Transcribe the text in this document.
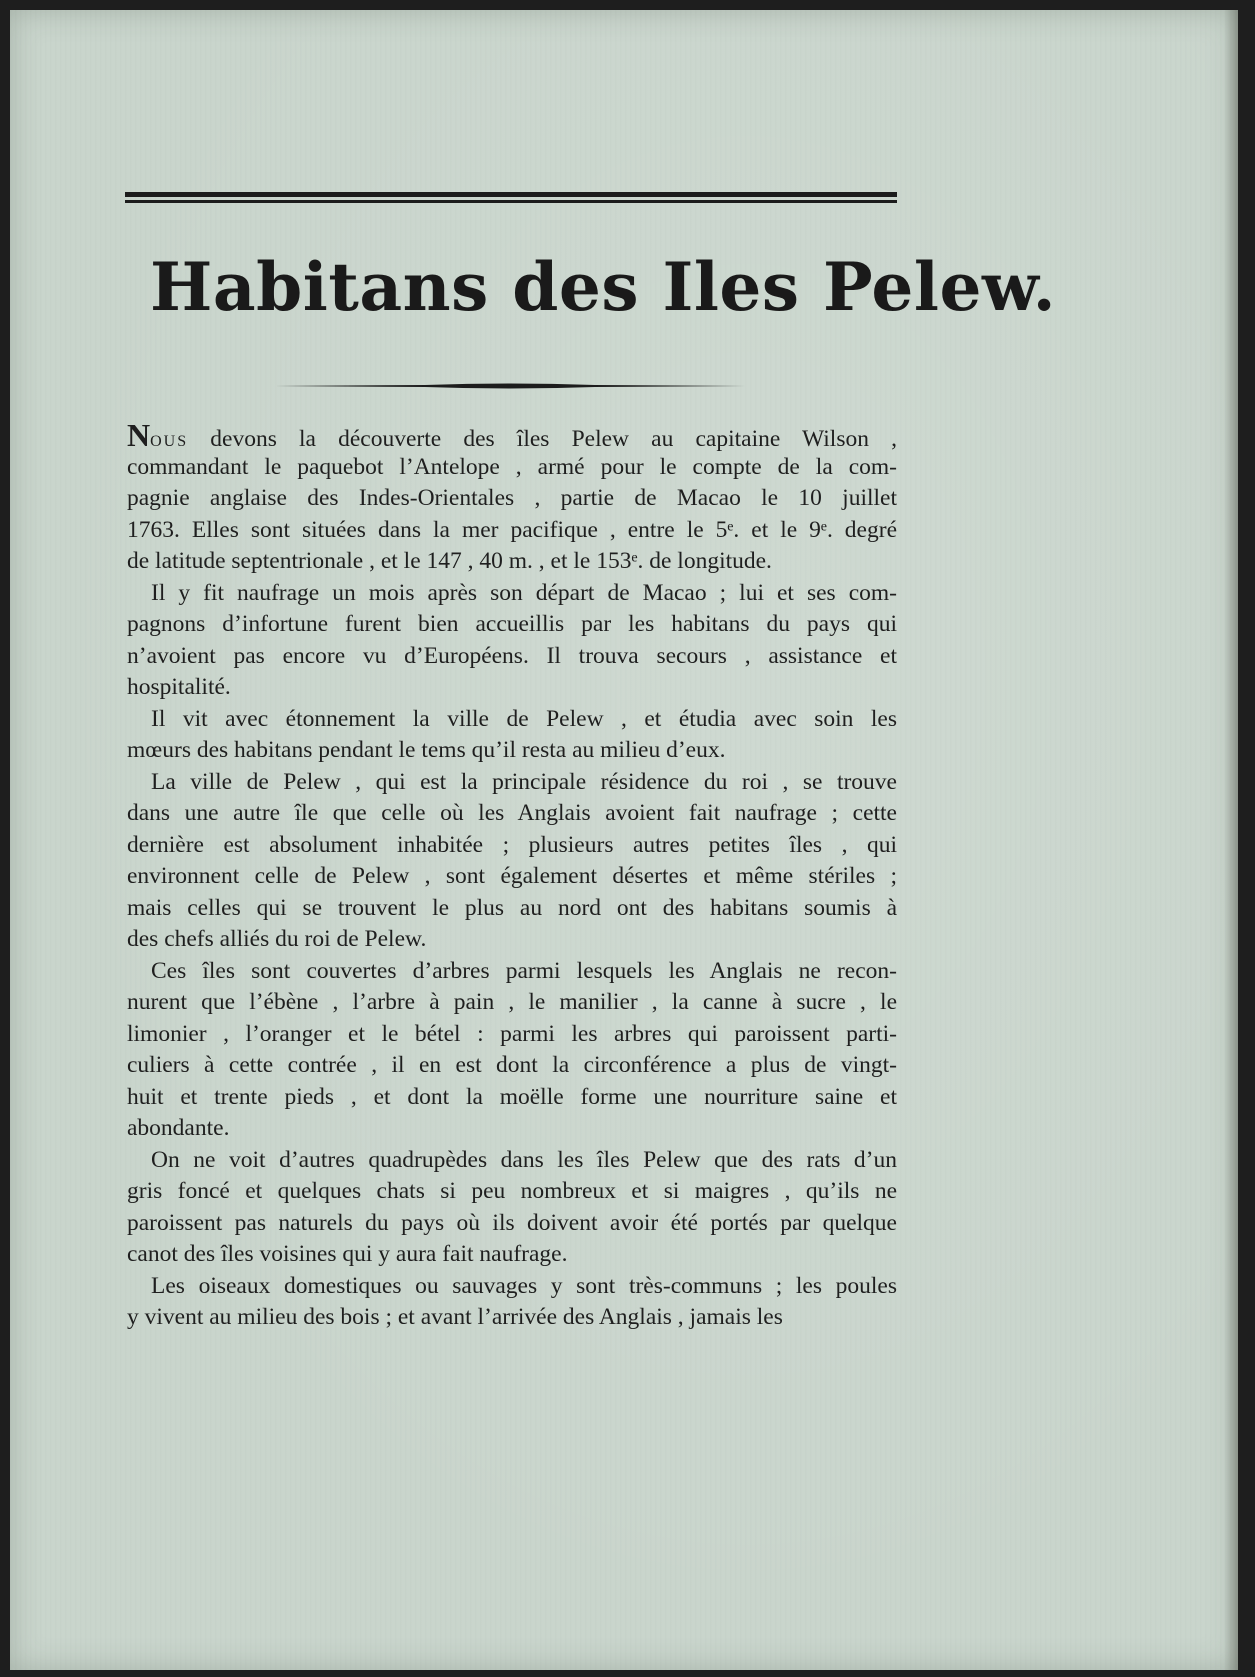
Habitans des Iles Pelew.
Nous devons la découverte des îles Pelew au capitaine Wilson ,
commandant le paquebot l’Antelope , armé pour le compte de la com-
pagnie anglaise des Indes-Orientales , partie de Macao le 10 juillet
1763. Elles sont situées dans la mer pacifique , entre le 5ᵉ. et le 9ᵉ. degré
de latitude septentrionale , et le 147 , 40 m. , et le 153ᵉ. de longitude.
Il y fit naufrage un mois après son départ de Macao ; lui et ses com-
pagnons d’infortune furent bien accueillis par les habitans du pays qui
n’avoient pas encore vu d’Européens. Il trouva secours , assistance et
hospitalité.
Il vit avec étonnement la ville de Pelew , et étudia avec soin les
mœurs des habitans pendant le tems qu’il resta au milieu d’eux.
La ville de Pelew , qui est la principale résidence du roi , se trouve
dans une autre île que celle où les Anglais avoient fait naufrage ; cette
dernière est absolument inhabitée ; plusieurs autres petites îles , qui
environnent celle de Pelew , sont également désertes et même stériles ;
mais celles qui se trouvent le plus au nord ont des habitans soumis à
des chefs alliés du roi de Pelew.
Ces îles sont couvertes d’arbres parmi lesquels les Anglais ne recon-
nurent que l’ébène , l’arbre à pain , le manilier , la canne à sucre , le
limonier , l’oranger et le bétel : parmi les arbres qui paroissent parti-
culiers à cette contrée , il en est dont la circonférence a plus de vingt-
huit et trente pieds , et dont la moëlle forme une nourriture saine et
abondante.
On ne voit d’autres quadrupèdes dans les îles Pelew que des rats d’un
gris foncé et quelques chats si peu nombreux et si maigres , qu’ils ne
paroissent pas naturels du pays où ils doivent avoir été portés par quelque
canot des îles voisines qui y aura fait naufrage.
Les oiseaux domestiques ou sauvages y sont très-communs ; les poules
y vivent au milieu des bois ; et avant l’arrivée des Anglais , jamais les
